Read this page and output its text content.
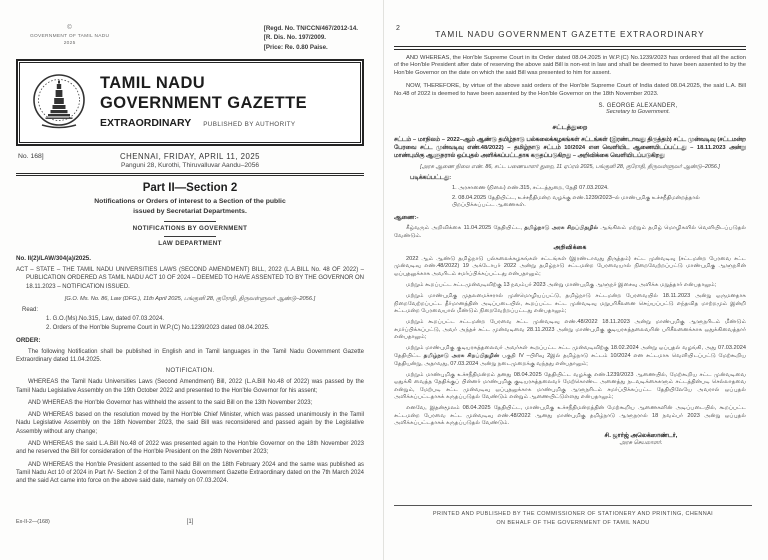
©
GOVERNMENT OF TAMIL NADU
2025
[Regd. No. TN/CCN/467/2012-14.
[R. Dis. No. 197/2009.
[Price: Re. 0.80 Paise.
TAMIL NADU
GOVERNMENT GAZETTE
EXTRAORDINARY PUBLISHED BY AUTHORITY
No. 168]	CHENNAI, FRIDAY, APRIL 11, 2025
Panguni 28, Kurothi, Thiruvalluvar Aandu–2056
Part II—Section 2
Notifications or Orders of interest to a Section of the public
issued by Secretariat Departments.
NOTIFICATIONS BY GOVERNMENT
LAW DEPARTMENT
No. II(2)/LAW/304(a)/2025.
ACT – STATE – THE TAMIL NADU UNIVERSITIES LAWS (SECOND AMENDMENT) BILL, 2022 (L.A.BILL No. 48 OF 2022) – PUBLICATION ORDERED AS TAMIL NADU ACT 10 OF 2024 – DEEMED TO HAVE ASSENTED TO BY THE GOVERNOR ON 18.11.2023 – NOTIFICATION ISSUED.
[G.O. Ms. No. 86, Law (DFG.), 11th April 2025, பங்குனி 28, குரோதி, திருவள்ளுவர் ஆண்டு–2056.]
Read:
1. G.O.(Ms).No.315, Law, dated 07.03.2024.
2. Orders of the Hon'ble Supreme Court in W.P.(C) No.1239/2023 dated 08.04.2025.
ORDER:
The following Notification shall be published in English and in Tamil languages in the Tamil Nadu Government Gazette Extraordinary dated 11.04.2025.
NOTIFICATION.
WHEREAS the Tamil Nadu Universities Laws (Second Amendment) Bill, 2022 (L.A.Bill No.48 of 2022) was passed by the Tamil Nadu Legislative Assembly on the 19th October 2022 and presented to the Hon'ble Governor for his assent;
AND WHEREAS the Hon'ble Governor has withheld the assent to the said Bill on the 13th November 2023;
AND WHEREAS based on the resolution moved by the Hon'ble Chief Minister, which was passed unanimously in the Tamil Nadu Legislative Assembly on the 18th November 2023, the said Bill was reconsidered and passed again by the Legislative Assembly without any change;
AND WHEREAS the said L.A.Bill No.48 of 2022 was presented again to the Hon'ble Governor on the 18th November 2023 and he reserved the Bill for consideration of the Hon'ble President on the 28th November 2023;
AND WHEREAS the Hon'ble President assented to the said Bill on the 18th February 2024 and the same was published as Tamil Nadu Act 10 of 2024 in Part IV- Section 2 of the Tamil Nadu Government Gazette Extraordinary dated on the 7th March 2024 and the said Act came into force on the above said date, namely on 07.03.2024.
Ex-II-2—(168)	[1]
2
TAMIL NADU GOVERNMENT GAZETTE EXTRAORDINARY
AND WHEREAS, the Hon'ble Supreme Court in its Order dated 08.04.2025 in W.P.(C) No.1239/2023 has ordered that all the action of the Hon'ble President after date of reserving the above said Bill is non-est in law and shall be deemed to have been assented to by the Hon'ble Governor on the date on which the said Bill was presented to him for assent.
NOW, THEREFORE, by virtue of the above said orders of the Hon'ble Supreme Court of India dated 08.04.2025, the said L.A. Bill No.48 of 2022 is deemed to have been assented by the Hon'ble Governor on the 18th November 2023.
S. GEORGE ALEXANDER,
Secretary to Government.
சட்டத்துறை
சட்டம் – மாநிலம் – 2022–ஆம் ஆண்டு தமிழ்நாடு பல்கலைக்கழகங்கள் சட்டங்கள் (இரண்டாவது திருத்தம்) சட்ட முன்வடிவு (சட்டமன்ற பேரவை சட்ட முன்வடிவு எண்.48/2022) – தமிழ்நாடு சட்டம் 10/2024 என வெளியிட ஆணையிடப்பட்டது – 18.11.2023 அன்று மாண்புமிகு ஆளுநரால் ஒப்புதல் அளிக்கப்பட்டதாக கருதப்படுகிறது – அறிவிக்கை வெளியிடப்படுகிறது
[அரசு ஆணை நிலை எண். 86, சட்ட பணையாளர் துறை, 11 ஏப்ரல் 2025, பங்குனி 28, குரோதி, திருவள்ளுவர் ஆண்டு–2056.]
படிக்கப்பட்டது:
1. அரசாணை (நிலை) எண்.315, சட்டத்துறை, தேதி 07.03.2024.
2. 08.04.2025 தேதியிட்ட, உச்சநீதிமன்ற வழக்கு எண்.1239/2023–ல் மாண்புமிகு உச்சநீதிமன்றத்தால் பிறப்பிக்கப்பட்ட ஆணைகள்.
ஆணை:-
கீழ்வரும் அறிவிக்கை 11.04.2025 தேதியிட்ட, தமிழ்நாடு அரசு சிறப்பிதழில் ஆங்கிலம் மற்றும் தமிழ் மொழிகளில் வெளியிடப்படுதல் வேண்டும்.
அறிவிக்கை
2022 ஆம் ஆண்டு தமிழ்நாடு பல்கலைக்கழகங்கள் சட்டங்கள் (இரண்டாவது திருத்தம்) சட்ட முன்வடிவு (சட்டமன்ற பேரவை சட்ட முன்வடிவு எண்.48/2022) 19 அக்டோபர் 2022 அன்று தமிழ்நாடு சட்டமன்ற பேரவையால் நிறைவேற்றப்பட்டு மாண்புமிகு ஆளுநரின் ஒப்புதலுக்காக அவரிடம் சமர்ப்பிக்கப்பட்டது என்பதாலும்;
மற்றும் கூறப்பட்ட சட்டமுன்வடிவிற்கு 13 நவம்பர் 2023 அன்று மாண்புமிகு ஆளுநர் இசைவு அளிக்க மறுத்தார் என்பதாலும்;
மற்றும் மாண்புமிகு முதலமைச்சரால் முன்மொழியப்பட்டு, தமிழ்நாடு சட்டமன்ற பேரவையில் 18.11.2023 அன்று ஒருமனதாக நிறைவேற்றப்பட்ட தீர்மானத்தின் அடிப்படையில், கூறப்பட்ட சட்ட முன்வடிவு மறுபரிசீலனை செய்யப்பட்டு எந்தவித மாற்றமும் இன்றி சட்டமன்ற பேரவையால் மீண்டும் நிறைவேற்றப்பட்டது என்பதாலும்;
மற்றும் கூறப்பட்ட சட்டமன்ற பேரவை சட்ட முன்வடிவு எண்.48/2022 18.11.2023 அன்று மாண்புமிகு ஆளுநரிடம் மீண்டும் சமர்ப்பிக்கப்பட்டு, அவர் அந்தச் சட்ட முன்வடிவை 28.11.2023 அன்று மாண்புமிகு குடியரசுத்தலைவரின் பரிசீலனைக்காக ஒதுக்கிவைத்தார் என்பதாலும்;
மற்றும் மாண்புமிகு குடியரசுத்தலைவர் அவர்கள் கூறப்பட்ட சட்ட முன்வடிவிற்கு 18.02.2024 அன்று ஒப்புதல் வழங்கி, அது 07.03.2024 தேதியிட்ட தமிழ்நாடு அரசு சிறப்பிதழின் பகுதி IV –பிரிவு 2இல் தமிழ்நாடு சட்டம் 10/2024 என சட்டமாக வெளியிடப்பட்டு மேற்கூறிய தேதியன்று, அதாவது, 07.03.2024 அன்று நடைமுறைக்கு வந்தது என்பதாலும்;
மற்றும் மாண்புமிகு உச்சநீதிமன்றம் தனது 08.04.2025 தேதியிட்ட வழக்கு எண்.1239/2023 ஆணையில், மேற்கூறிய சட்ட முன்வடிவை ஒதுக்கி வைத்த தேதிக்குப் பின்னர் மாண்புமிகு குடியரசுத்தலைவர் மேற்கொண்ட அனைத்து நடவடிக்கைகளும் சட்டத்தின்படி செல்லாதவை என்றும், மேற்படி சட்ட முன்வடிவு ஒப்புதலுக்காக மாண்புமிகு ஆளுநரிடம் சமர்ப்பிக்கப்பட்ட தேதியிலேயே அவரால் ஒப்புதல் அளிக்கப்பட்டதாகக் கருதப்படுதல் வேண்டும் என்றும் ஆணையிட்டுள்ளது என்பதாலும்;
எனவே, இதன்மூலம் 08.04.2025 தேதியிட்ட, மாண்புமிகு உச்சநீதிமன்றத்தின் மேற்கூறிய ஆணைகளின் அடிப்படையில், கூறப்பட்ட சட்டமன்ற பேரவை சட்ட முன்வடிவு எண்.48/2022 ஆனது மாண்புமிகு தமிழ்நாடு ஆளுநரால் 18 நவம்பர் 2023 அன்று ஒப்புதல் அளிக்கப்பட்டதாகக் கருதப்படுதல் வேண்டும்.
சி. ஜார்ஜ் அலெக்ஸாண்டர்,
அரசு செயலாளர்.
PRINTED AND PUBLISHED BY THE COMMISSIONER OF STATIONERY AND PRINTING, CHENNAI
ON BEHALF OF THE GOVERNMENT OF TAMIL NADU
